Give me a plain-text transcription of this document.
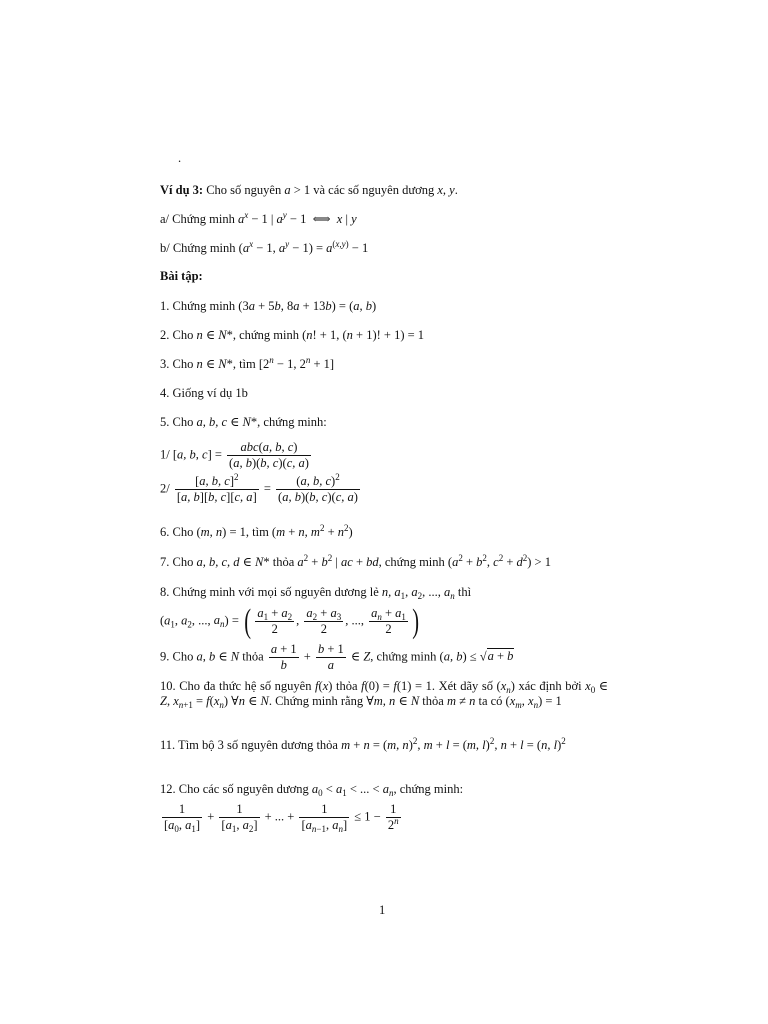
.
Ví dụ 3: Cho số nguyên a > 1 và các số nguyên dương x, y.
a/ Chứng minh $a^x - 1$ | $a^y - 1$  ⟺  x | y
b/ Chứng minh ($a^x - 1$, $a^y - 1) = a^{(x,y)} - 1$
Bài tập:
1. Chứng minh (3a + 5b, 8a + 13b) = (a, b)
2. Cho n ∈ N*, chứng minh (n! + 1, (n + 1)! + 1) = 1
3. Cho n ∈ N*, tìm [$2^n - 1$, $2^n + 1$]
4. Giống ví dụ 1b
5. Cho a, b, c ∈ N*, chứng minh:
1/ [a, b, $c] = \frac{\text{abc(a, b, c)}}{(a, b)(b, c)(c, a)}$
$2/ \frac{[a, b, c]^2}{[a, b][b, c][c, a]} = \frac{(a, b, c)^2}{(a, b)(b, c)(c, a)}$
6. Cho (m, n) = 1, tìm (m + n, $m^2 + n^2$)
7. Cho a, b, c, d ∈ N* thỏa $a^2 + b^2$ | ac + bd, chứng minh ($a^2 + b^2$, $c^2 + d^2) > 1$
8. Chứng minh với mọi số nguyên dương lẻ n, $a_1$, $a_2$, ..., $a_n$ thì
($a_1$, $a_2$, ..., $a_n$) = ( $\frac{a_1 + a_2}{2}$ , $\frac{a_2 + a_3}{2}$ , ..., $\frac{a_n + a_1}{2}$ )
9. Cho a, b ∈ N thỏa $\frac{a + 1}{b} + \frac{b + 1}{a}$ ∈ Z, chứng minh (a, b) ≤ √a + b
10. Cho đa thức hệ số nguyên f(x) thỏa f(0) = f(1) = 1. Xét dãy số $(x_n)$ xác định bởi $x_0$ ∈ Z, $x_{n+1} = f(x_n)$ ∀n ∈ N. Chứng minh rằng ∀m, n ∈ N thỏa m ≠ n ta có ($x_m$, $x_n) = 1$
11. Tìm bộ 3 số nguyên dương thỏa m + n = (m, n)$^2$, m + l = (m, l)$^2$, n + l = (n, l)$^2$
12. Cho các số nguyên dương $a_0 < a_1$ < ... < $a_n$, chứng minh:
$\frac{1}{[a_0, a_1]} + \frac{1}{[a_1, a_2]}$ + ... + $\frac{1}{[a_{n-1}, a_n]} \le 1 - \frac{1}{2^n}$
1
